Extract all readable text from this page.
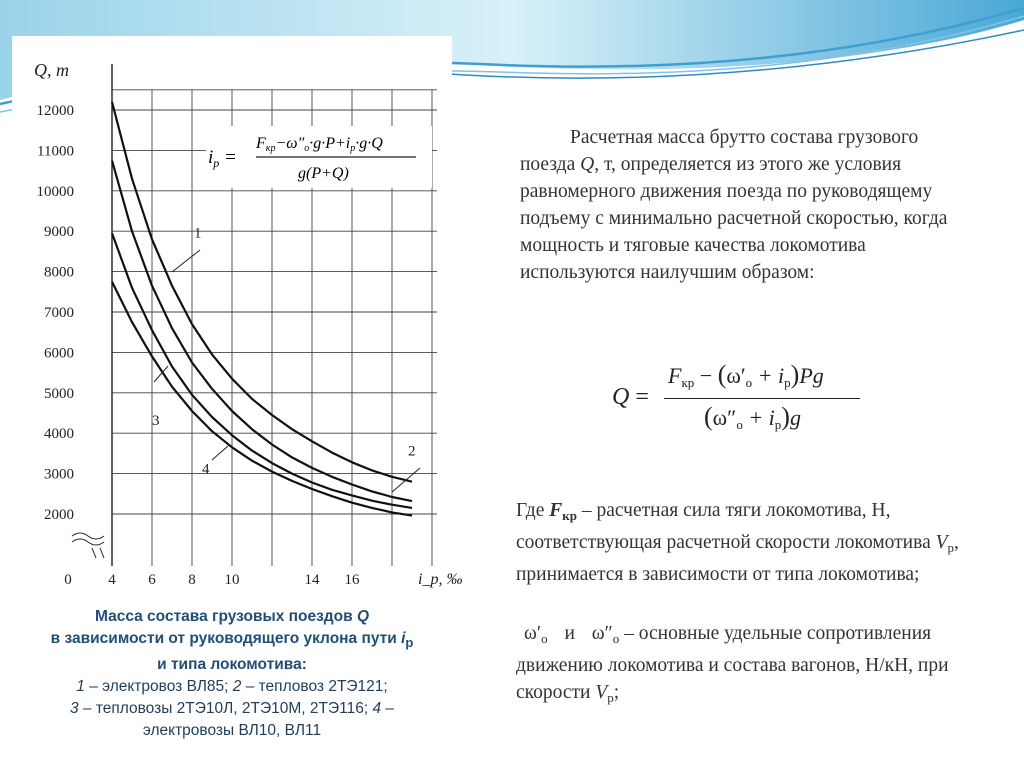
2000
3000
4000
5000
6000
7000
8000
9000
10000
11000
12000
0 4 6 8 10	14 16
Q, т
i_p, ‰
1
2
3
4
$i_р$ =
Fкр−ω″о·g·P+iр·g·Q
g(P+Q)
Масса состава грузовых поездов Q
в зависимости от руководящего уклона пути $i_р$
и типа локомотива:
1 – электровоз ВЛ85; 2 – тепловоз 2ТЭ121;
3 – тепловозы 2ТЭ10Л, 2ТЭ10М, 2ТЭ116; 4 –
электровозы ВЛ10, ВЛ11
Расчетная масса брутто состава грузового поезда Q, т, определяется из этого же условия равномерного движения поезда по руководящему подъему с минимально расчетной скоростью, когда мощность и тяговые качества локомотива используются наилучшим образом:
Q =
$F_{кр} - (\omega'_о + i_р)Pg$
$(\omega''_о + i_р)g$
Где $F_{кр}$ – расчетная сила тяги локомотива, Н, соответствующая расчетной скорости локомотива $V_р$, принимается в зависимости от типа локомотива;
$\omega'_о$ и $\omega''_о$ – основные удельные сопротивления движению локомотива и состава вагонов, Н/кН, при скорости $V_р$;
